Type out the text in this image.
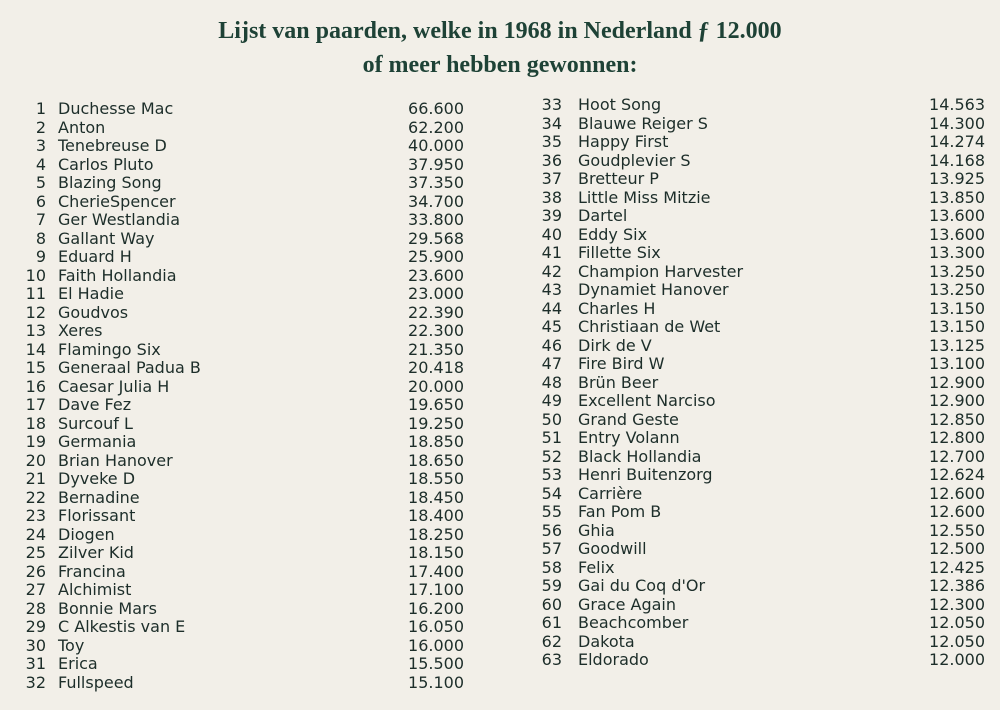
Lijst van paarden, welke in 1968 in Nederland ƒ 12.000
of meer hebben gewonnen:
1 Duchesse Mac	66.600
2 Anton	62.200
3 Tenebreuse D	40.000
4 Carlos Pluto	37.950
5 Blazing Song	37.350
6 CherieSpencer	34.700
7 Ger Westlandia	33.800
8 Gallant Way	29.568
9 Eduard H	25.900
10 Faith Hollandia	23.600
11 El Hadie	23.000
12 Goudvos	22.390
13 Xeres	22.300
14 Flamingo Six	21.350
15 Generaal Padua B	20.418
16 Caesar Julia H	20.000
17 Dave Fez	19.650
18 Surcouf L	19.250
19 Germania	18.850
20 Brian Hanover	18.650
21 Dyveke D	18.550
22 Bernadine	18.450
23 Florissant	18.400
24 Diogen	18.250
25 Zilver Kid	18.150
26 Francina	17.400
27 Alchimist	17.100
28 Bonnie Mars	16.200
29 C Alkestis van E	16.050
30 Toy	16.000
31 Erica	15.500
32 Fullspeed	15.100
33 Hoot Song	14.563
34 Blauwe Reiger S	14.300
35 Happy First	14.274
36 Goudplevier S	14.168
37 Bretteur P	13.925
38 Little Miss Mitzie	13.850
39 Dartel	13.600
40 Eddy Six	13.600
41 Fillette Six	13.300
42 Champion Harvester	13.250
43 Dynamiet Hanover	13.250
44 Charles H	13.150
45 Christiaan de Wet	13.150
46 Dirk de V	13.125
47 Fire Bird W	13.100
48 Brün Beer	12.900
49 Excellent Narciso	12.900
50 Grand Geste	12.850
51 Entry Volann	12.800
52 Black Hollandia	12.700
53 Henri Buitenzorg	12.624
54 Carrière	12.600
55 Fan Pom B	12.600
56 Ghia	12.550
57 Goodwill	12.500
58 Felix	12.425
59 Gai du Coq d'Or	12.386
60 Grace Again	12.300
61 Beachcomber	12.050
62 Dakota	12.050
63 Eldorado	12.000
